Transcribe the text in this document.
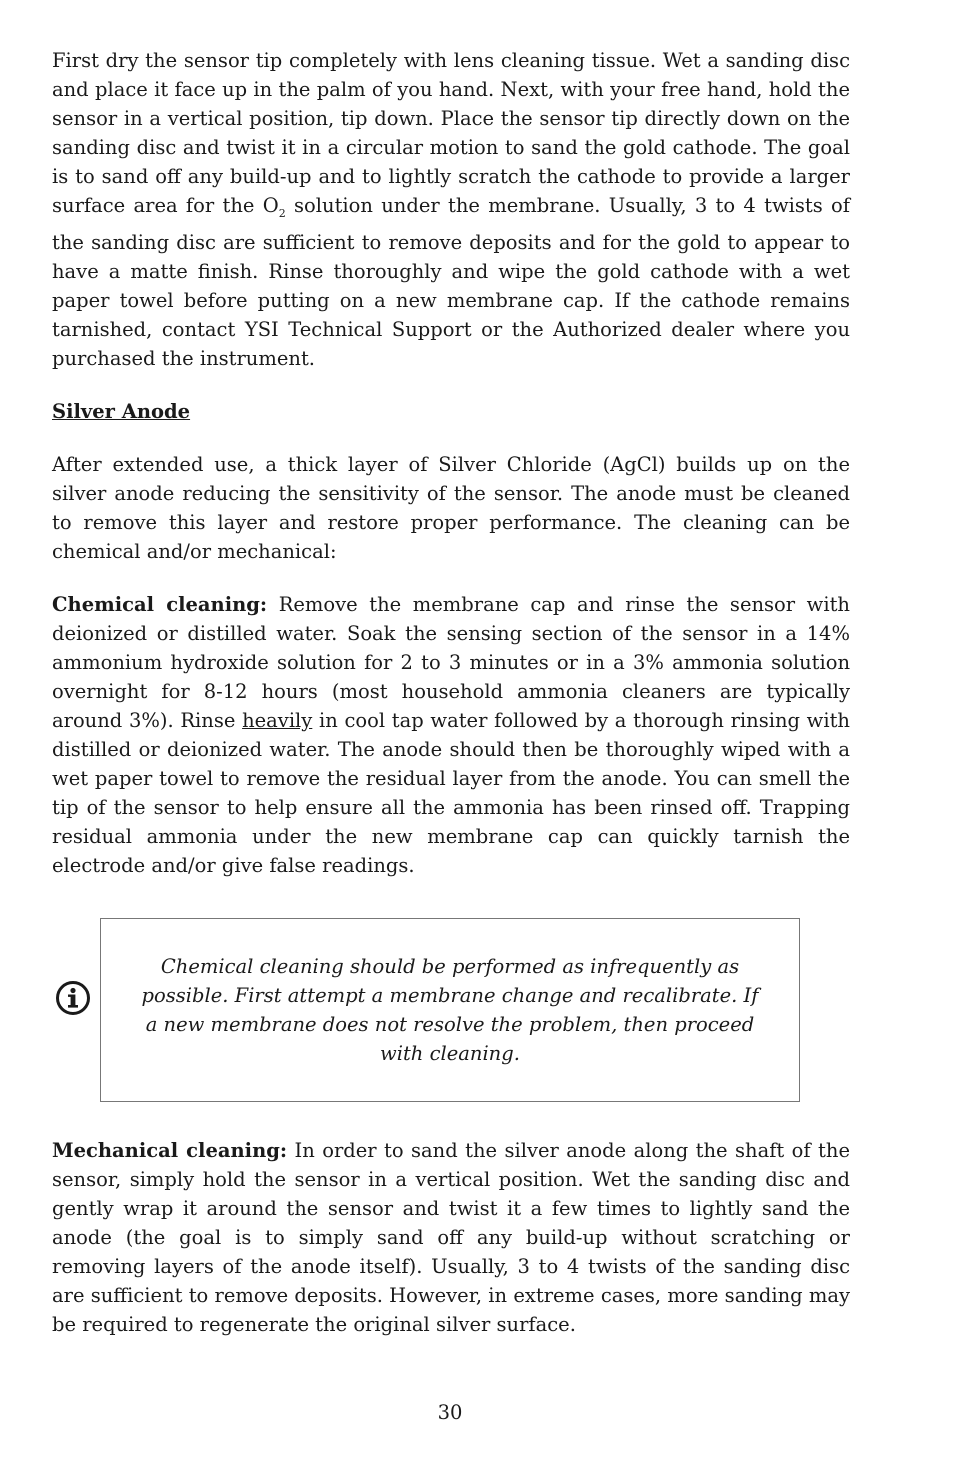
First dry the sensor tip completely with lens cleaning tissue. Wet a sanding disc and place it face up in the palm of you hand. Next, with your free hand, hold the sensor in a vertical position, tip down. Place the sensor tip directly down on the sanding disc and twist it in a circular motion to sand the gold cathode. The goal is to sand off any build-up and to lightly scratch the cathode to provide a larger surface area for the $O_2$ solution under the membrane. Usually, 3 to 4 twists of the sanding disc are sufficient to remove deposits and for the gold to appear to have a matte finish. Rinse thoroughly and wipe the gold cathode with a wet paper towel before putting on a new membrane cap. If the cathode remains tarnished, contact YSI Technical Support or the Authorized dealer where you purchased the instrument.

Silver Anode

After extended use, a thick layer of Silver Chloride (AgCl) builds up on the silver anode reducing the sensitivity of the sensor. The anode must be cleaned to remove this layer and restore proper performance. The cleaning can be chemical and/or mechanical:

Chemical cleaning: Remove the membrane cap and rinse the sensor with deionized or distilled water. Soak the sensing section of the sensor in a 14% ammonium hydroxide solution for 2 to 3 minutes or in a 3% ammonia solution overnight for 8-12 hours (most household ammonia cleaners are typically around 3%). Rinse heavily in cool tap water followed by a thorough rinsing with distilled or deionized water. The anode should then be thoroughly wiped with a wet paper towel to remove the residual layer from the anode. You can smell the tip of the sensor to help ensure all the ammonia has been rinsed off. Trapping residual ammonia under the new membrane cap can quickly tarnish the electrode and/or give false readings.

Chemical cleaning should be performed as infrequently as possible. First attempt a membrane change and recalibrate. If a new membrane does not resolve the problem, then proceed with cleaning.

Mechanical cleaning: In order to sand the silver anode along the shaft of the sensor, simply hold the sensor in a vertical position. Wet the sanding disc and gently wrap it around the sensor and twist it a few times to lightly sand the anode (the goal is to simply sand off any build-up without scratching or removing layers of the anode itself). Usually, 3 to 4 twists of the sanding disc are sufficient to remove deposits. However, in extreme cases, more sanding may be required to regenerate the original silver surface.

30
